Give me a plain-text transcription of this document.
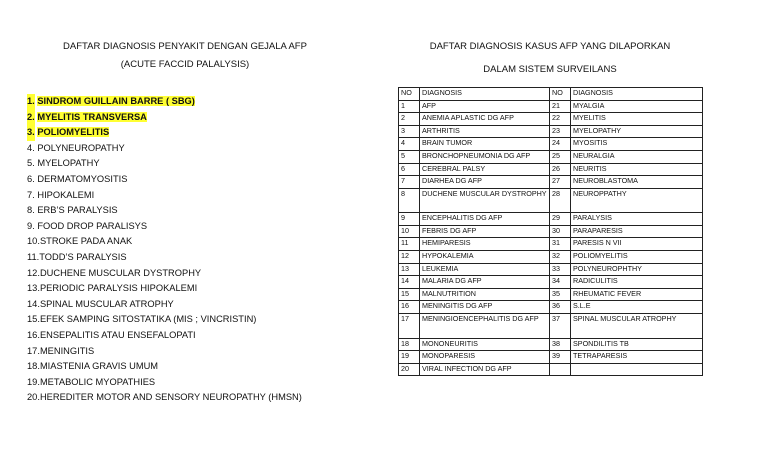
DAFTAR DIAGNOSIS PENYAKIT DENGAN GEJALA AFP
(ACUTE FACCID PALALYSIS)
DAFTAR DIAGNOSIS KASUS AFP YANG DILAPORKAN
DALAM SISTEM SURVEILANS
1. SINDROM GUILLAIN BARRE ( SBG)
2. MYELITIS TRANSVERSA
3. POLIOMYELITIS
4. POLYNEUROPATHY
5. MYELOPATHY
6. DERMATOMYOSITIS
7. HIPOKALEMI
8. ERB’S PARALYSIS
9. FOOD DROP PARALISYS
10.STROKE PADA ANAK
11.TODD’S PARALYSIS
12.DUCHENE MUSCULAR DYSTROPHY
13.PERIODIC PARALYSIS HIPOKALEMI
14.SPINAL MUSCULAR ATROPHY
15.EFEK SAMPING SITOSTATIKA (MIS ; VINCRISTIN)
16.ENSEPALITIS ATAU ENSEFALOPATI
17.MENINGITIS
18.MIASTENIA GRAVIS UMUM
19.METABOLIC MYOPATHIES
20.HEREDITER MOTOR AND SENSORY NEUROPATHY (HMSN)
NO	DIAGNOSIS	NO	DIAGNOSIS
1	AFP	21	MYALGIA
2	ANEMIA APLASTIC DG AFP	22	MYELITIS
3	ARTHRITIS	23	MYELOPATHY
4	BRAIN TUMOR	24	MYOSITIS
5	BRONCHOPNEUMONIA DG AFP	25	NEURALGIA
6	CEREBRAL PALSY	26	NEURITIS
7	DIARHEA DG AFP	27	NEUROBLASTOMA
8	DUCHENE MUSCULAR DYSTROPHY	28	NEUROPPATHY
9	ENCEPHALITIS DG AFP	29	PARALYSIS
10	FEBRIS DG AFP	30	PARAPARESIS
11	HEMIPARESIS	31	PARESIS N VII
12	HYPOKALEMIA	32	POLIOMYELITIS
13	LEUKEMIA	33	POLYNEUROPHTHY
14	MALARIA DG AFP	34	RADICULITIS
15	MALNUTRITION	35	RHEUMATIC FEVER
16	MENINGITIS DG AFP	36	S.L.E
17	MENINGIOENCEPHALITIS DG AFP	37	SPINAL MUSCULAR ATROPHY
18	MONONEURITIS	38	SPONDILITIS TB
19	MONOPARESIS	39	TETRAPARESIS
20	VIRAL INFECTION DG AFP		
